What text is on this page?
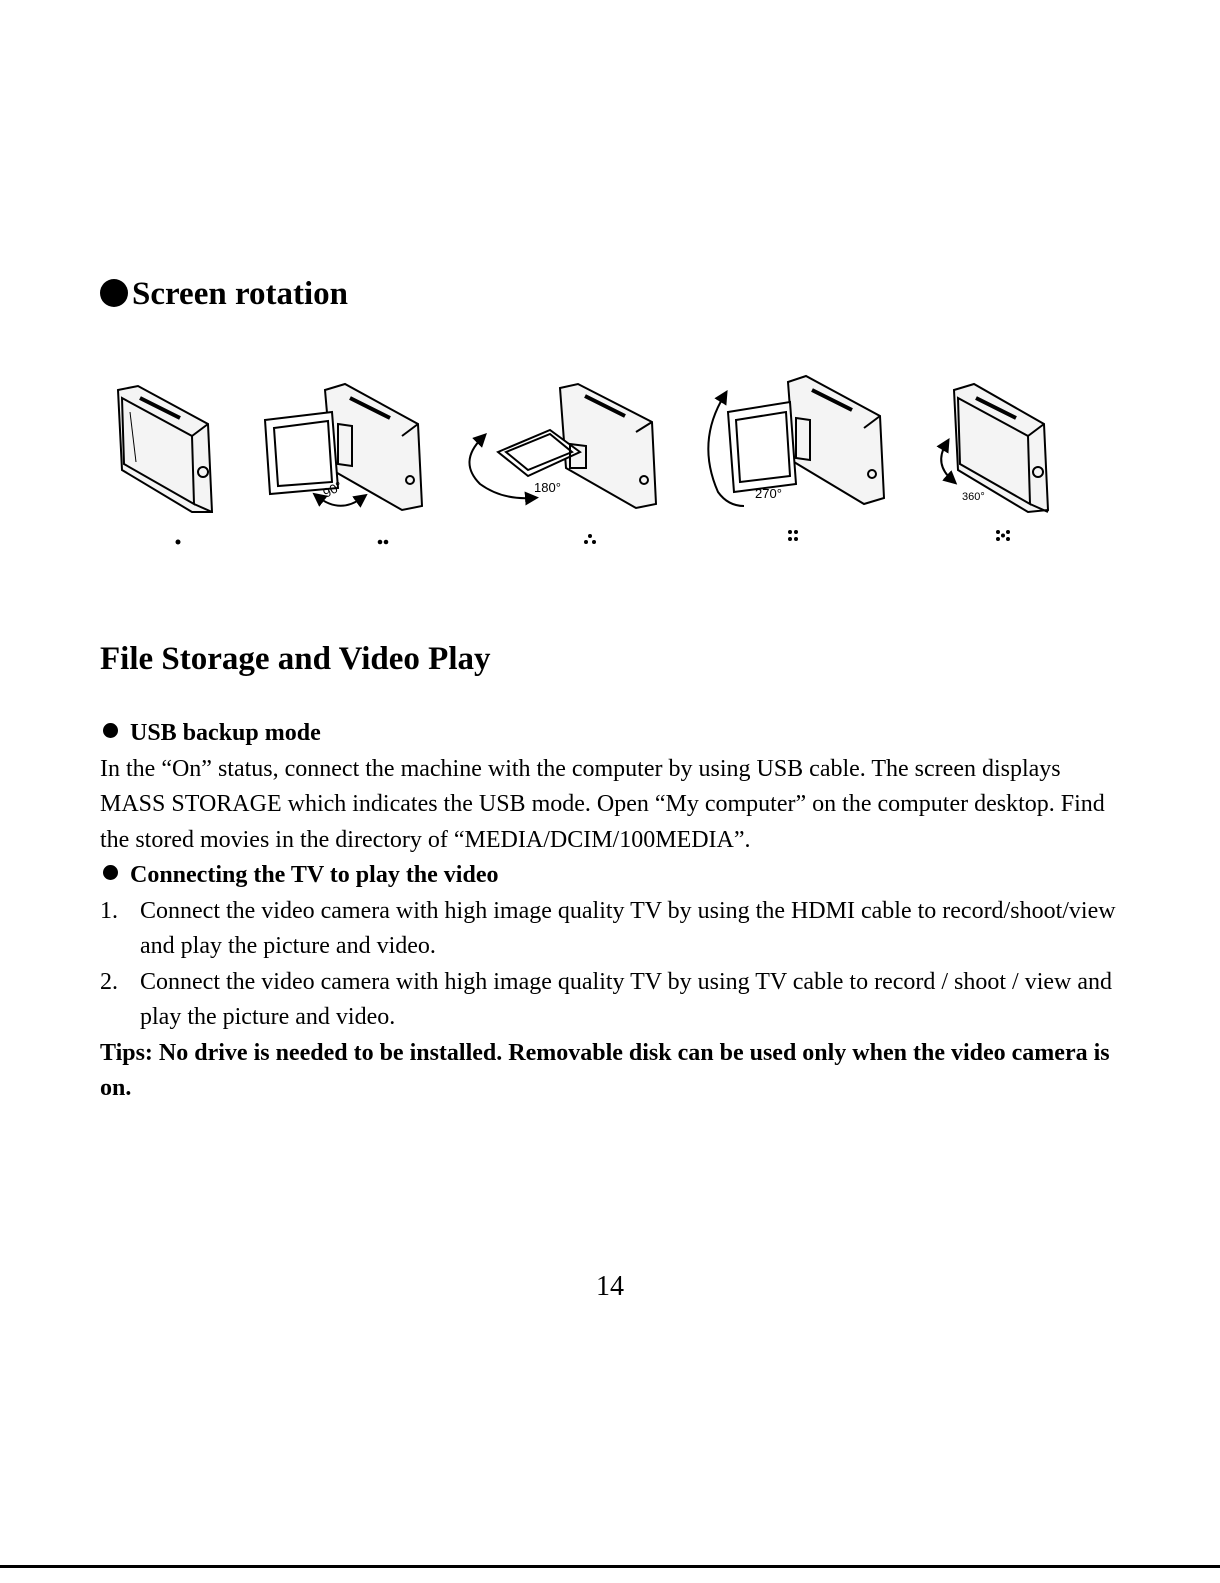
Screen rotation
90°	180°	270°	360°
File Storage and Video Play
USB backup mode

In the “On” status, connect the machine with the computer by using USB cable. The screen displays MASS STORAGE which indicates the USB mode. Open “My computer” on the computer desktop. Find the stored movies in the directory of “MEDIA/DCIM/100MEDIA”.

Connecting the TV to play the video
1. Connect the video camera with high image quality TV by using the HDMI cable to record/shoot/view and play the picture and video.
2. Connect the video camera with high image quality TV by using TV cable to record / shoot / view and play the picture and video.

Tips: No drive is needed to be installed. Removable disk can be used only when the video camera is on.

14
